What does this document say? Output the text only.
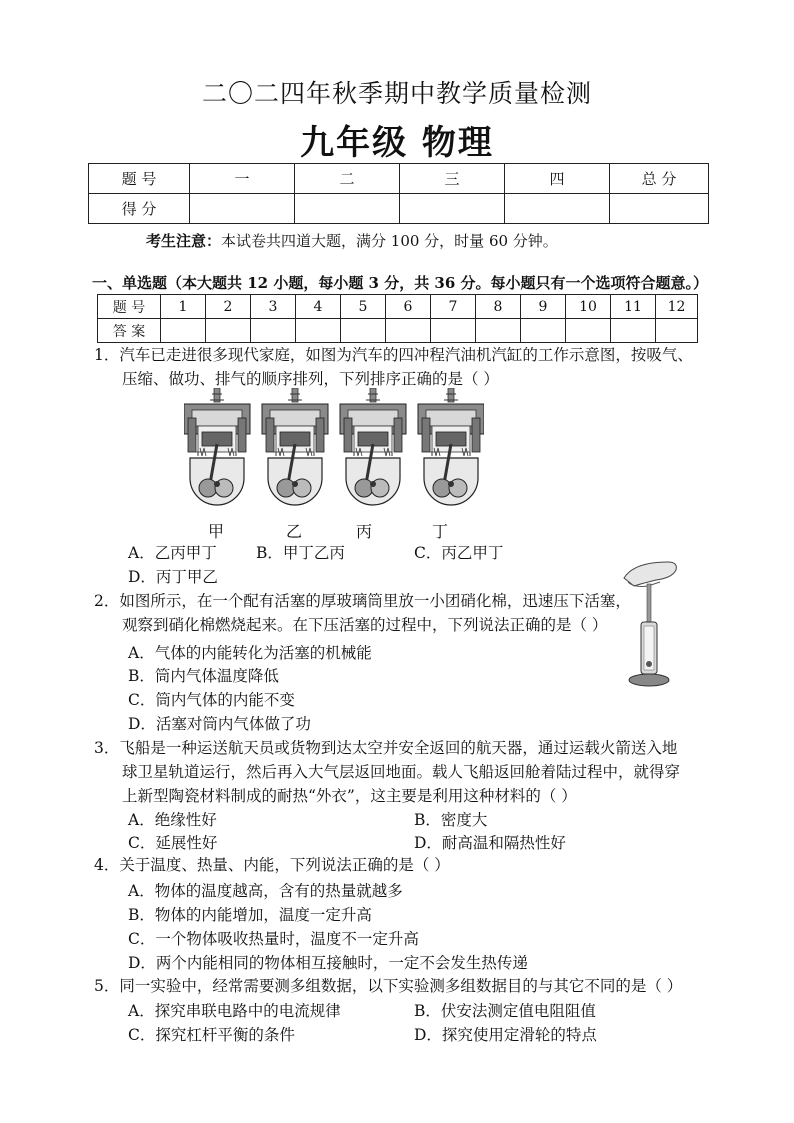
二〇二四年秋季期中教学质量检测
九年级 物理
题 号	一	二	三	四	总 分
得 分					
考生注意：本试卷共四道大题，满分 100 分，时量 60 分钟。
一、单选题（本大题共 12 小题，每小题 3 分，共 36 分。每小题只有一个选项符合题意。）
题 号	1	2	3	4	5	6	7	8	9	10	11	12
答 案												
1．汽车已走进很多现代家庭，如图为汽车的四冲程汽油机汽缸的工作示意图，按吸气、
压缩、做功、排气的顺序排列，下列排序正确的是（ ）
甲	乙	丙	丁
A．乙丙甲丁	B．甲丁乙丙	C．丙乙甲丁
D．丙丁甲乙
2．如图所示，在一个配有活塞的厚玻璃筒里放一小团硝化棉，迅速压下活塞，
观察到硝化棉燃烧起来。在下压活塞的过程中，下列说法正确的是（ ）
A．气体的内能转化为活塞的机械能
B．筒内气体温度降低
C．筒内气体的内能不变
D．活塞对筒内气体做了功
3．飞船是一种运送航天员或货物到达太空并安全返回的航天器，通过运载火箭送入地
球卫星轨道运行，然后再入大气层返回地面。载人飞船返回舱着陆过程中，就得穿
上新型陶瓷材料制成的耐热“外衣”，这主要是利用这种材料的（ ）
A．绝缘性好	B．密度大
C．延展性好	D．耐高温和隔热性好
4．关于温度、热量、内能，下列说法正确的是（ ）
A．物体的温度越高，含有的热量就越多
B．物体的内能增加，温度一定升高
C．一个物体吸收热量时，温度不一定升高
D．两个内能相同的物体相互接触时，一定不会发生热传递
5．同一实验中，经常需要测多组数据，以下实验测多组数据目的与其它不同的是（ ）
A．探究串联电路中的电流规律	B．伏安法测定值电阻阻值
C．探究杠杆平衡的条件	D．探究使用定滑轮的特点
